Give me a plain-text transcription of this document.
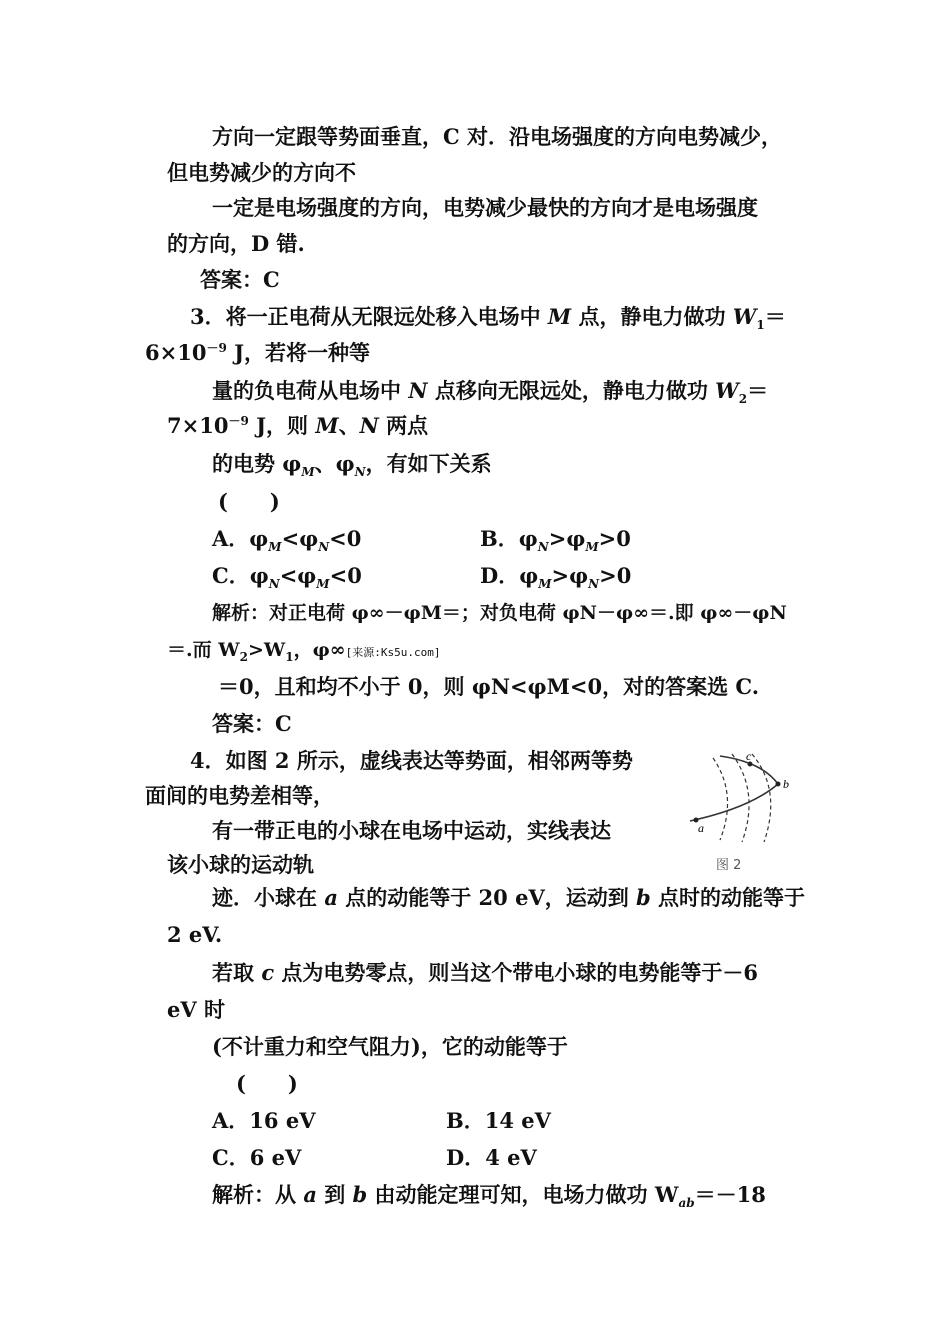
方向一定跟等势面垂直，C 对．沿电场强度的方向电势减少，
但电势减少的方向不
一定是电场强度的方向，电势减少最快的方向才是电场强度
的方向，D 错.
答案：C
3．将一正电荷从无限远处移入电场中 M 点，静电力做功 $W_1=$
$6\times 10^{-9}$ J，若将一种等
量的负电荷从电场中 N 点移向无限远处，静电力做功 $W_2=$
$7\times 10^{-9}$ J，则 M、N 两点
的电势 $\varphi_M$、$\varphi_N$，有如下关系
(　　)
A．$\varphi_M<\varphi_N<0$	B．$\varphi_N>\varphi_M>0$
C．$\varphi_N<\varphi_M<0$	D．$\varphi_M>\varphi_N>0$
解析：对正电荷 φ∞－φM＝；对负电荷 φN－φ∞＝.即 φ∞－φN
＝.而 $W_2>W_1$，φ∞[来源:Ks5u.com]
＝0，且和均不小于 0，则 φN<φM<0，对的答案选 C.
答案：C
4．如图 2 所示，虚线表达等势面，相邻两等势
面间的电势差相等，
有一带正电的小球在电场中运动，实线表达
该小球的运动轨
a
b
c
图 2
迹．小球在 a 点的动能等于 20 eV，运动到 b 点时的动能等于
2 eV.
若取 c 点为电势零点，则当这个带电小球的电势能等于－6
eV 时
(不计重力和空气阻力)，它的动能等于
(　　)
A．16 eV	B．14 eV
C．6 eV	D．4 eV
解析：从 a 到 b 由动能定理可知，电场力做功 $W_{ab}=-18$
